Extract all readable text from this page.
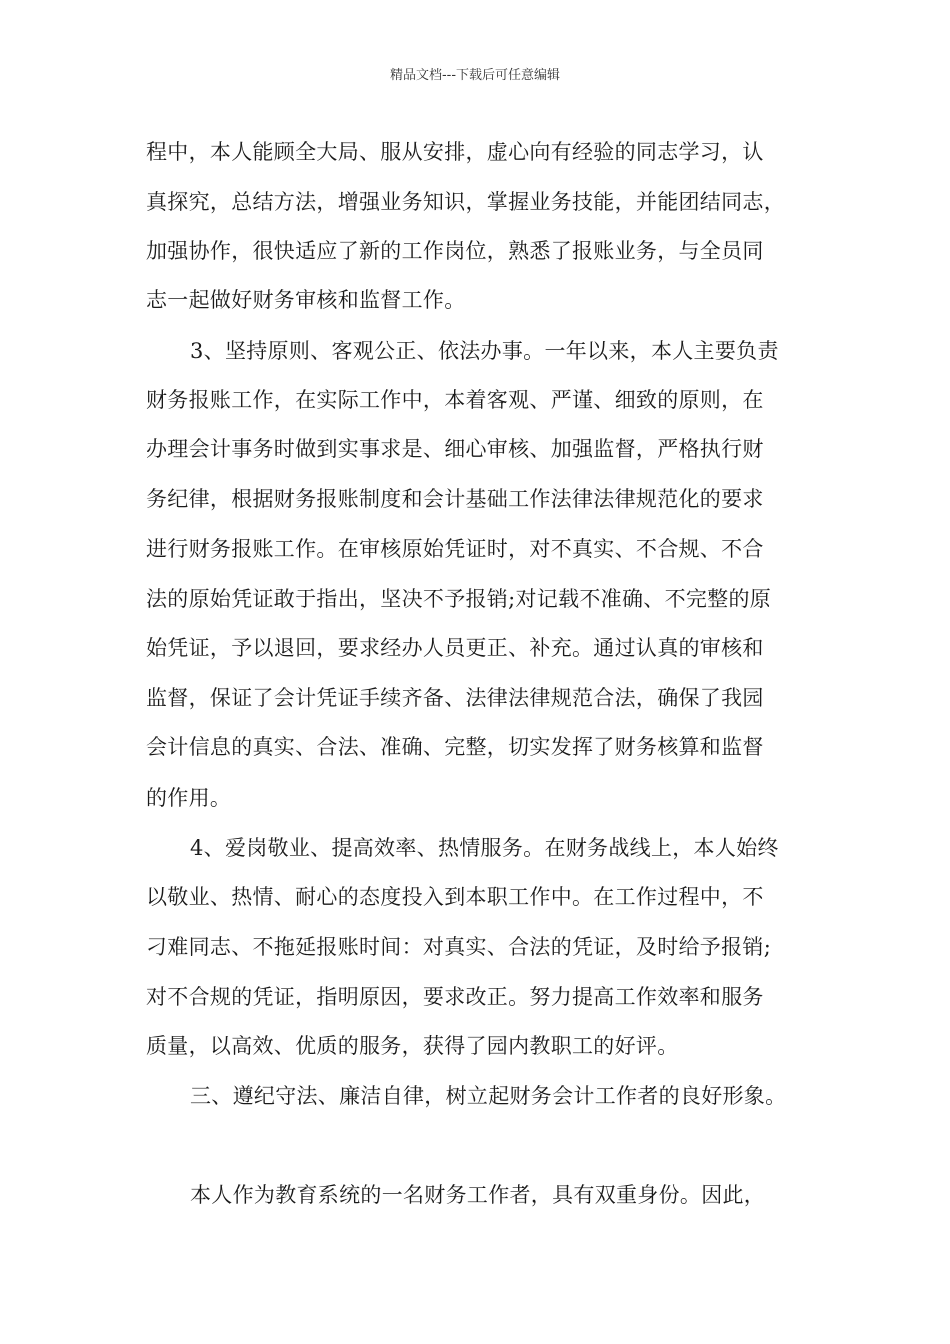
精品文档---下载后可任意编辑
程中，本人能顾全大局、服从安排，虚心向有经验的同志学习，认
真探究，总结方法，增强业务知识，掌握业务技能，并能团结同志，
加强协作，很快适应了新的工作岗位，熟悉了报账业务，与全员同
志一起做好财务审核和监督工作。
3、坚持原则、客观公正、依法办事。一年以来，本人主要负责
财务报账工作，在实际工作中，本着客观、严谨、细致的原则，在
办理会计事务时做到实事求是、细心审核、加强监督，严格执行财
务纪律，根据财务报账制度和会计基础工作法律法律规范化的要求
进行财务报账工作。在审核原始凭证时，对不真实、不合规、不合
法的原始凭证敢于指出，坚决不予报销;对记载不准确、不完整的原
始凭证，予以退回，要求经办人员更正、补充。通过认真的审核和
监督，保证了会计凭证手续齐备、法律法律规范合法，确保了我园
会计信息的真实、合法、准确、完整，切实发挥了财务核算和监督
的作用。
4、爱岗敬业、提高效率、热情服务。在财务战线上，本人始终
以敬业、热情、耐心的态度投入到本职工作中。在工作过程中，不
刁难同志、不拖延报账时间：对真实、合法的凭证，及时给予报销;
对不合规的凭证，指明原因，要求改正。努力提高工作效率和服务
质量，以高效、优质的服务，获得了园内教职工的好评。
三、遵纪守法、廉洁自律，树立起财务会计工作者的良好形象。
本人作为教育系统的一名财务工作者，具有双重身份。因此，
